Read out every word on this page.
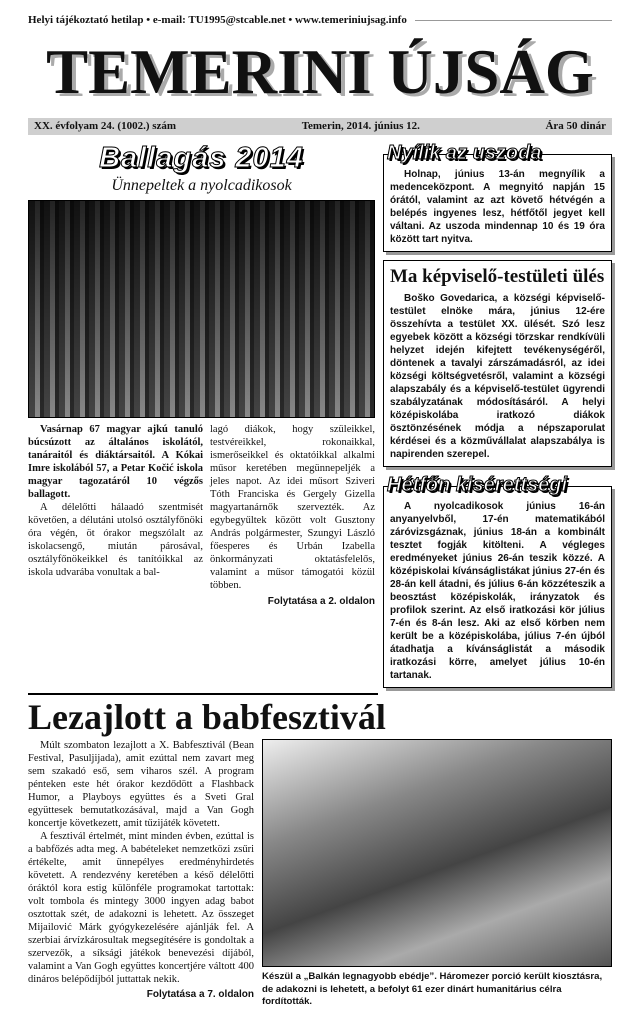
Helyi tájékoztató hetilap • e-mail: TU1995@stcable.net • www.temeriniujsag.info
TEMERINI ÚJSÁG
XX. évfolyam 24. (1002.) szám	Temerin, 2014. június 12.	Ára 50 dinár
Ballagás 2014
Ünnepeltek a nyolcadikosok

Vasárnap 67 magyar ajkú tanuló búcsúzott az általános iskolától, tanáraitól és diáktársaitól. A Kókai Imre iskolából 57, a Petar Kočić iskola magyar tagozatáról 10 végzős ballagott.

A délelőtti hálaadó szentmisét követően, a délutáni utolsó osztályfőnöki óra végén, öt órakor megszólalt az iskolacsengő, miután párosával, osztályfőnökeikkel és tanítóikkal az iskola udvarába vonultak a bal-

lagó diákok, hogy szüleikkel, testvéreikkel, rokonaikkal, ismerőseikkel és oktatóikkal alkalmi műsor keretében megünnepeljék a jeles napot. Az idei műsort Sziveri Tóth Franciska és Gergely Gizella magyartanárnők szervezték. Az egybegyűltek között volt Gusztony András polgármester, Szungyi László főesperes és Urbán Izabella önkormányzati oktatásfelelős, valamint a műsor támogatói közül többen.

Folytatása a 2. oldalon
Nyílik az uszoda

Holnap, június 13-án megnyílik a medenceközpont. A megnyitó napján 15 órától, valamint az azt követő hétvégén a belépés ingyenes lesz, hétfőtől jegyet kell váltani. Az uszoda mindennap 10 és 19 óra között tart nyitva.

Ma képviselő-testületi ülés

Boško Govedarica, a községi képviselő-testület elnöke mára, június 12-ére összehívta a testület XX. ülését. Szó lesz egyebek között a községi törzskar rendkívüli helyzet idején kifejtett tevékenységéről, döntenek a tavalyi zárszámadásról, az idei községi költségvetésről, valamint a községi alapszabály és a képviselő-testület ügyrendi szabályzatának módosításáról. A helyi középiskolába iratkozó diákok ösztönzésének módja a népszaporulat kérdései és a közművállalat alapszabálya is napirenden szerepel.

Hétfőn kisérettségi

A nyolcadikosok június 16-án anyanyelvből, 17-én matematikából záróvizsgáznak, június 18-án a kombinált tesztet fogják kitölteni. A végleges eredményeket június 26-án teszik közzé. A középiskolai kívánságlistákat június 27-én és 28-án kell átadni, és július 6-án közzéteszik a beosztást középiskolák, irányzatok és profilok szerint. Az első iratkozási kör július 7-én és 8-án lesz. Aki az első körben nem került be a középiskolába, július 7-én újból átadhatja a kívánságlistát a második iratkozási körre, amelyet július 10-én tartanak.

Lezajlott a babfesztivál

Múlt szombaton lezajlott a X. Babfesztivál (Bean Festival, Pasuljijada), amit ezúttal nem zavart meg sem szakadó eső, sem viharos szél. A program pénteken este hét órakor kezdődött a Flashback Humor, a Playboys együttes és a Sveti Gral együttesek bemutatkozásával, majd a Van Gogh koncertje következett, amit tűzijáték követett.

A fesztivál értelmét, mint minden évben, ezúttal is a babfőzés adta meg. A babételeket nemzetközi zsűri értékelte, amit ünnepélyes eredményhirdetés követett. A rendezvény keretében a késő délelőtti óráktól kora estig különféle programokat tartottak: volt tombola és mintegy 3000 ingyen adag babot osztottak szét, de adakozni is lehetett. Az összeget Mijailović Márk gyógykezelésére ajánlják fel. A szerbiai árvízkárosultak megsegítésére is gondoltak a szervezők, a síksági játékok benevezési díjából, valamint a Van Gogh együttes koncertjére váltott 400 dináros belépődíjból juttattak nekik.

Folytatása a 7. oldalon
Készül a „Balkán legnagyobb ebédje”. Háromezer porció került kiosztásra, de adakozni is lehetett, a befolyt 61 ezer dinárt humanitárius célra fordították.
